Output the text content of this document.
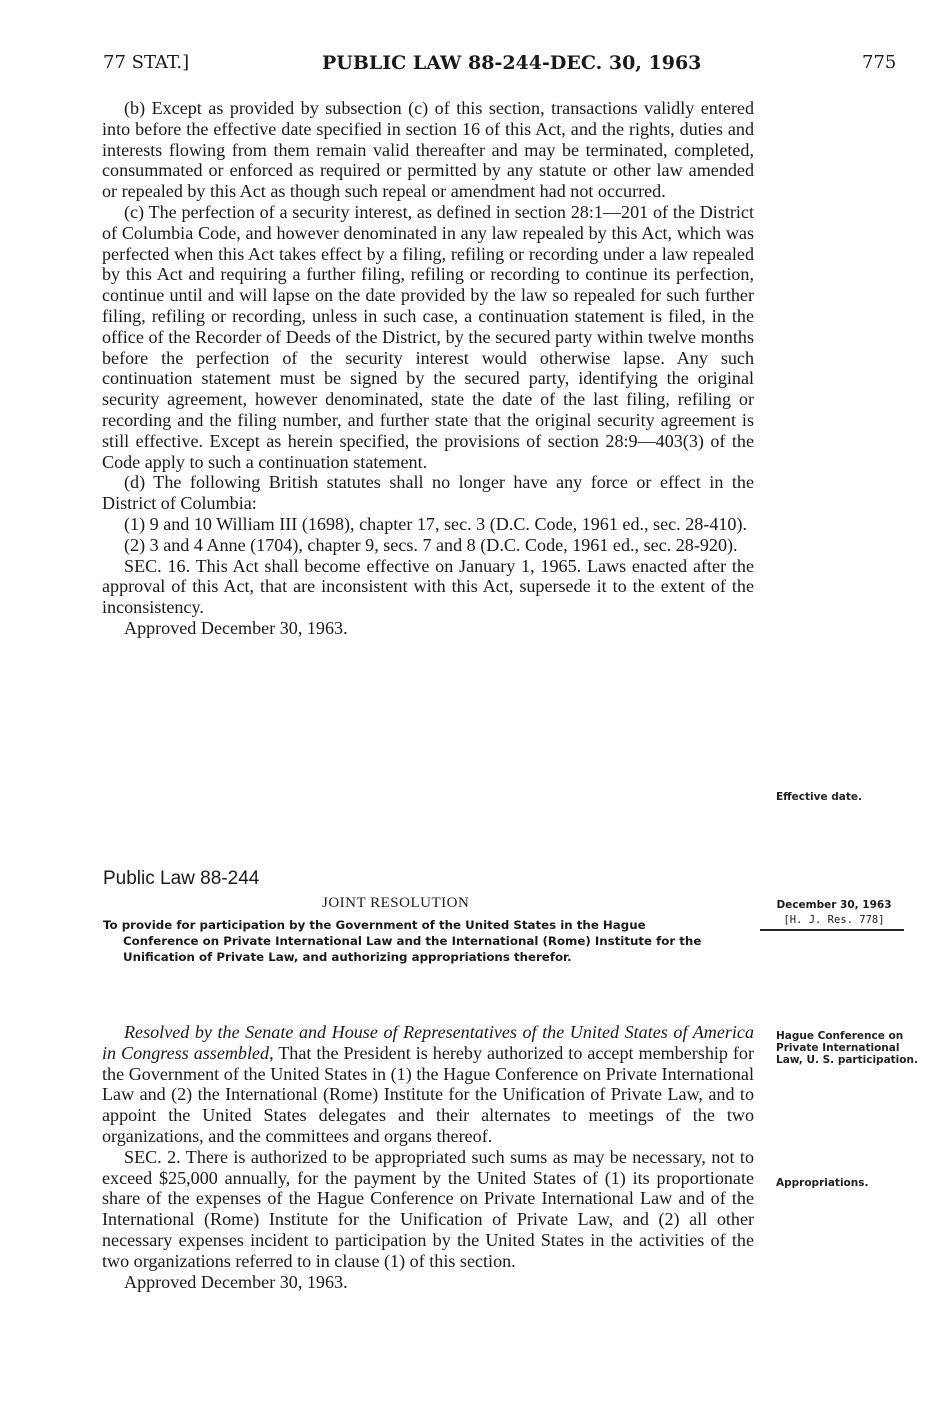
77 STAT.]	PUBLIC LAW 88-244-DEC. 30, 1963	775

(b) Except as provided by subsection (c) of this section, transactions validly entered into before the effective date specified in section 16 of this Act, and the rights, duties and interests flowing from them remain valid thereafter and may be terminated, completed, consummated or enforced as required or permitted by any statute or other law amended or repealed by this Act as though such repeal or amendment had not occurred.

(c) The perfection of a security interest, as defined in section 28:1—201 of the District of Columbia Code, and however denominated in any law repealed by this Act, which was perfected when this Act takes effect by a filing, refiling or recording under a law repealed by this Act and requiring a further filing, refiling or recording to continue its perfection, continue until and will lapse on the date provided by the law so repealed for such further filing, refiling or recording, unless in such case, a continuation statement is filed, in the office of the Recorder of Deeds of the District, by the secured party within twelve months before the perfection of the security interest would otherwise lapse. Any such continuation statement must be signed by the secured party, identifying the original security agreement, however denominated, state the date of the last filing, refiling or recording and the filing number, and further state that the original security agreement is still effective. Except as herein specified, the provisions of section 28:9—403(3) of the Code apply to such a continuation statement.

(d) The following British statutes shall no longer have any force or effect in the District of Columbia:

(1) 9 and 10 William III (1698), chapter 17, sec. 3 (D.C. Code, 1961 ed., sec. 28-410).

(2) 3 and 4 Anne (1704), chapter 9, secs. 7 and 8 (D.C. Code, 1961 ed., sec. 28-920).

SEC. 16. This Act shall become effective on January 1, 1965. Laws enacted after the approval of this Act, that are inconsistent with this Act, supersede it to the extent of the inconsistency.

Approved December 30, 1963.

Effective date.
Public Law 88-244
JOINT RESOLUTION	December 30, 1963
[H. J. Res. 778]
To provide for participation by the Government of the United States in the Hague
Conference on Private International Law and the International (Rome) Institute for the Unification of Private Law, and authorizing appropriations therefor.

Resolved by the Senate and House of Representatives of the United States of America in Congress assembled, That the President is hereby authorized to accept membership for the Government of the United States in (1) the Hague Conference on Private International Law and (2) the International (Rome) Institute for the Unification of Private Law, and to appoint the United States delegates and their alternates to meetings of the two organizations, and the committees and organs thereof.

SEC. 2. There is authorized to be appropriated such sums as may be necessary, not to exceed $25,000 annually, for the payment by the United States of (1) its proportionate share of the expenses of the Hague Conference on Private International Law and of the International (Rome) Institute for the Unification of Private Law, and (2) all other necessary expenses incident to participation by the United States in the activities of the two organizations referred to in clause (1) of this section.

Approved December 30, 1963.

Hague Conference on Private International Law, U. S. participation.
Appropriations.
